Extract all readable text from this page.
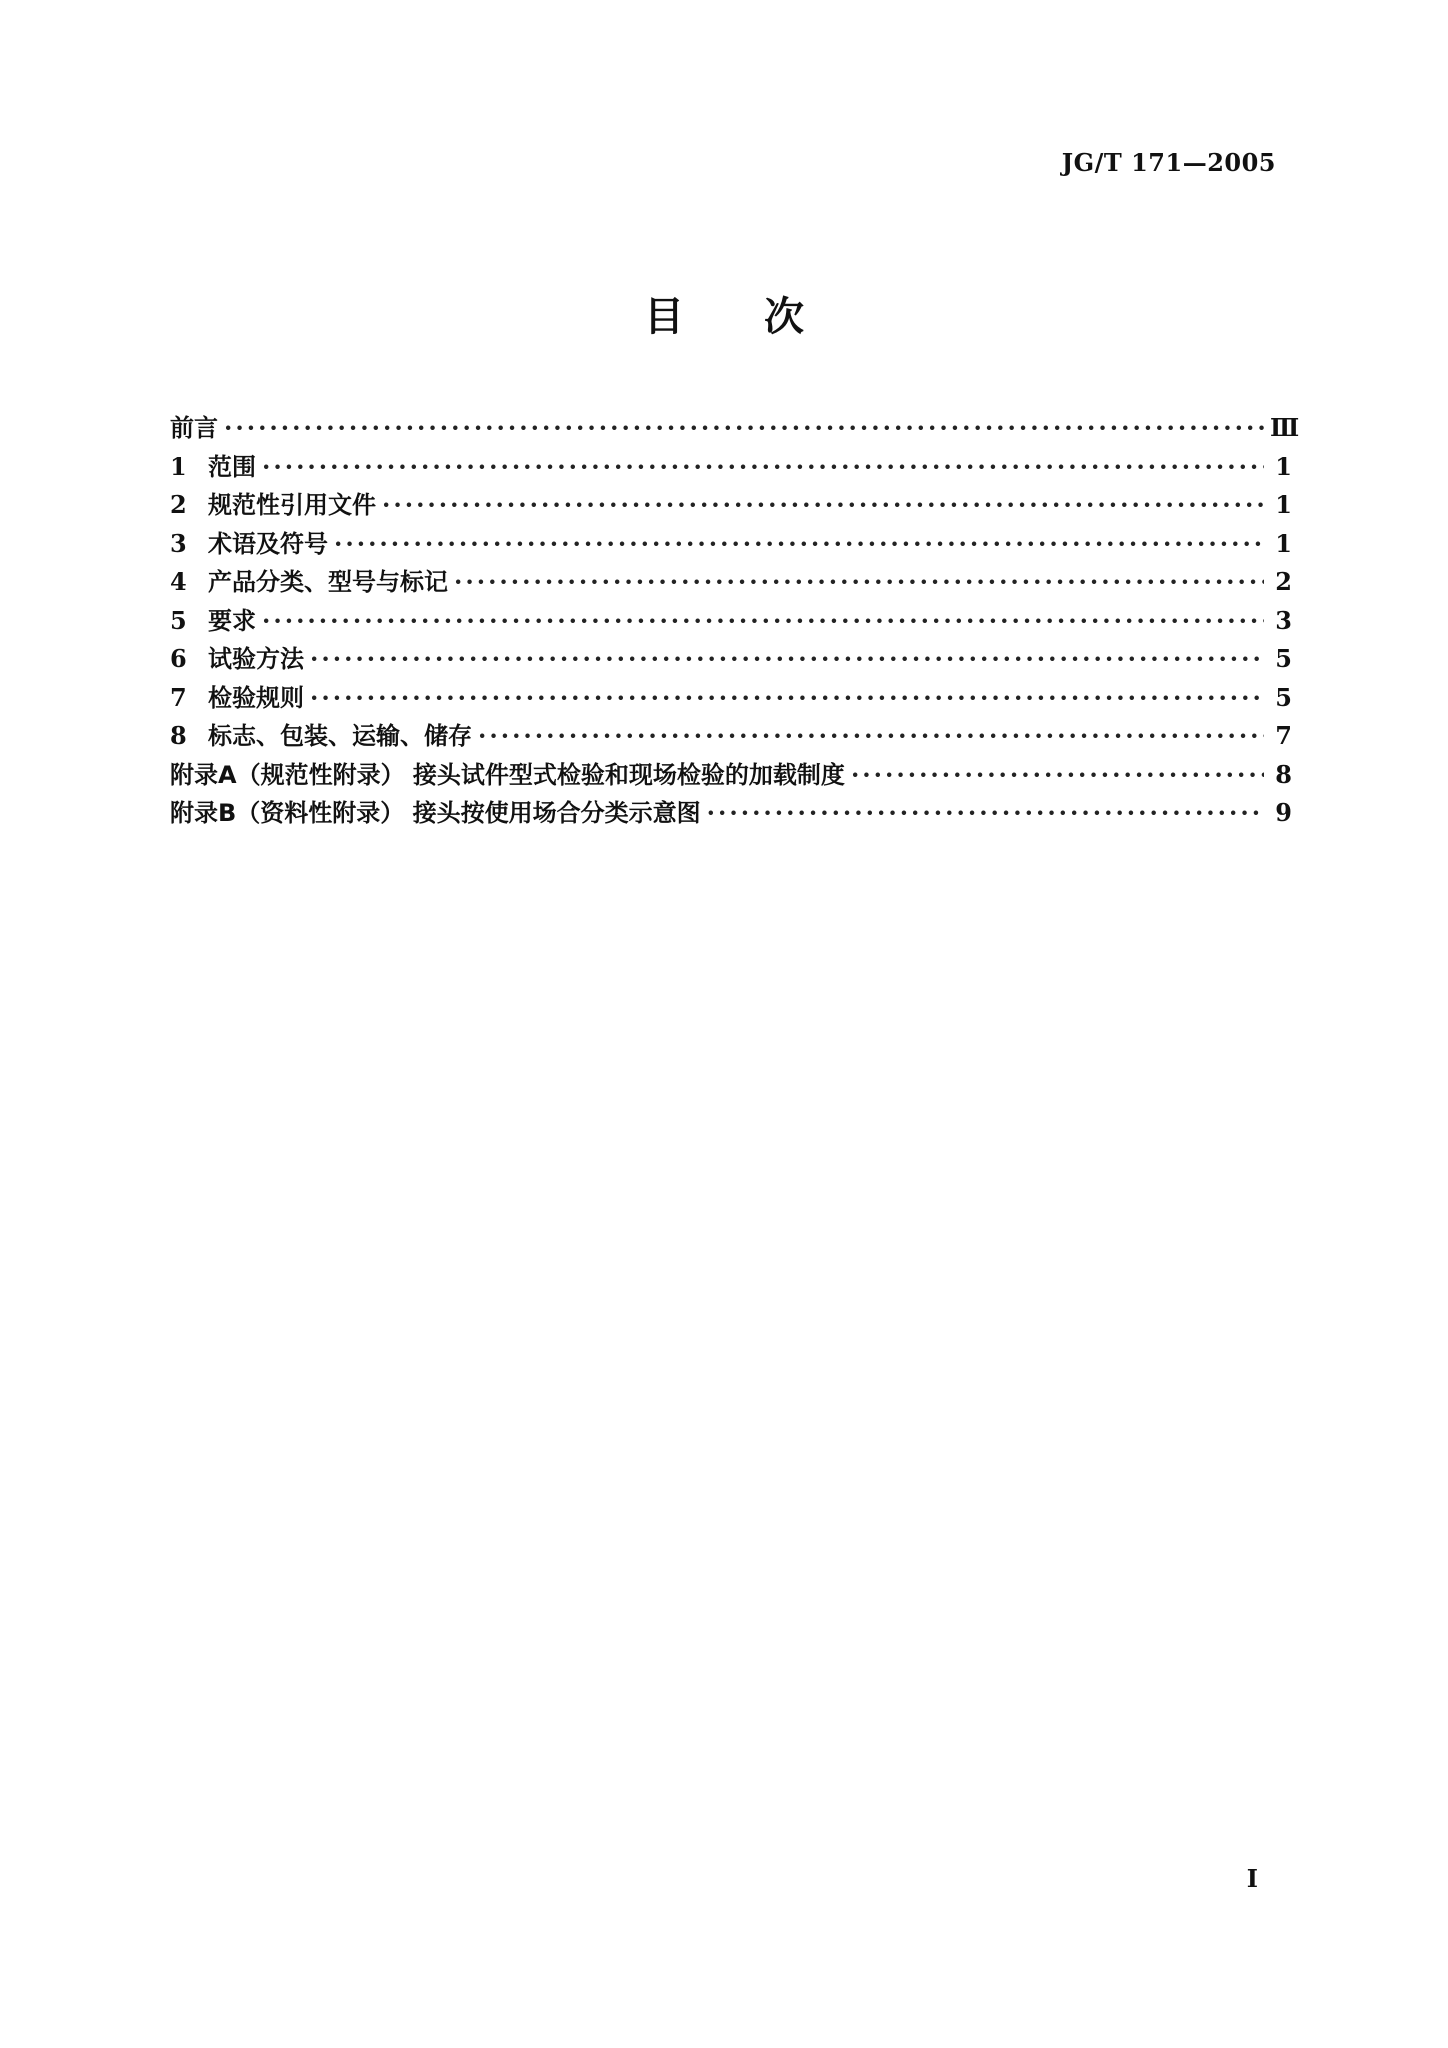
JG/T 171—2005
目 次
前言 ·····	Ⅲ
1 范围 ·····	1
2 规范性引用文件 ·····	1
3 术语及符号 ·····	1
4 产品分类、型号与标记 ·····	2
5 要求 ·····	3
6 试验方法 ·····	5
7 检验规则 ·····	5
8 标志、包装、运输、储存 ·····	7
附录A（规范性附录） 接头试件型式检验和现场检验的加载制度 ·····	8
附录B（资料性附录） 接头按使用场合分类示意图 ·····	9
I
